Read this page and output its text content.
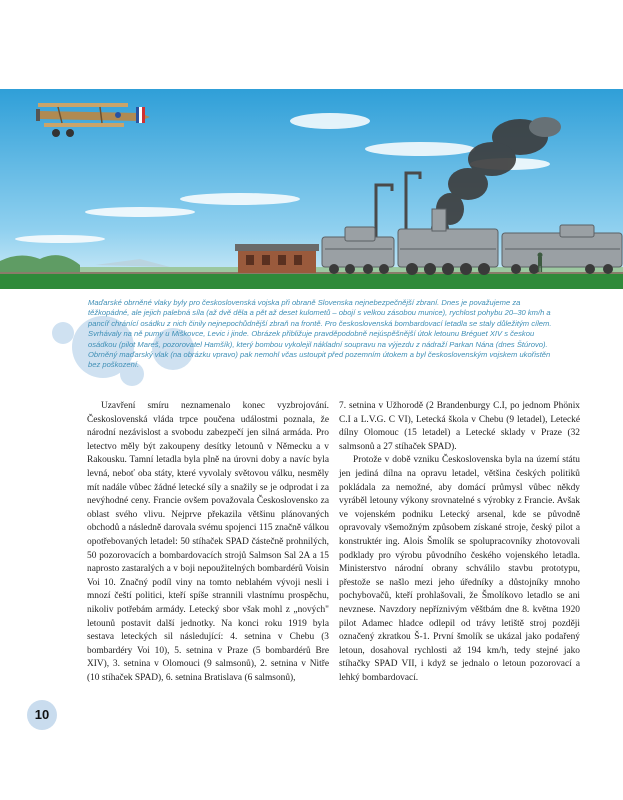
Maďarské obrněné vlaky byly pro československá vojska při obraně Slovenska nejnebezpečnější zbraní. Dnes je považujeme za těžkopádné, ale jejich palebná síla (až dvě děla a pět až deset kulometů – obojí s velkou zásobou munice), rychlost pohybu 20–30 km/h a pancíř chránící osádku z nich činily nejnepochůdnější zbraň na frontě. Pro československá bombardovací letadla se staly důležitým cílem. Svrhávaly na ně pumy u Miškovce, Levic i jinde. Obrázek přibližuje pravděpodobně nejúspěšnější útok letounu Bréguet XIV s českou osádkou (pilot Mareš, pozorovatel Hamšík), který bombou vykolejil nákladní soupravu na výjezdu z nádraží Parkan Nána (dnes Štúrovo). Obrněný maďarský vlak (na obrázku vpravo) pak nemohl včas ustoupit před pozemním útokem a byl československým vojskem ukořistěn bez poškození.

Uzavření smíru neznamenalo konec vyzbrojování. Československá vláda trpce poučena událostmi poznala, že národní nezávislost a svobodu zabezpečí jen silná armáda. Pro letectvo měly být zakoupeny desítky letounů v Německu a v Rakousku. Tamní letadla byla plně na úrovni doby a navíc byla levná, neboť oba státy, které vyvolaly světovou válku, nesměly mít nadále vůbec žádné letecké síly a snažily se je odprodat i za nevýhodné ceny. Francie ovšem považovala Československo za oblast svého vlivu. Nejprve překazila většinu plánovaných obchodů a následně darovala svému spojenci 115 značně válkou opotřebovaných letadel: 50 stíhaček SPAD částečně prohnilých, 50 pozorovacích a bombardovacích strojů Salmson Sal 2A a 15 naprosto zastaralých a v boji nepoužitelných bombardérů Voisin Voi 10. Značný podíl viny na tomto neblahém vývoji nesli i mnozí čeští politici, kteří spíše strannili vlastnímu prospěchu, nikoliv potřebám armády. Letecký sbor však mohl z „nových" letounů postavit další jednotky. Na konci roku 1919 byla sestava leteckých sil následující: 4. setnina v Chebu (3 bombardéry Voi 10), 5. setnina v Praze (5 bombardérů Bre XIV), 3. setnina v Olomouci (9 salmsonů), 2. setnina v Nitře (10 stíhaček SPAD), 6. setnina Bratislava (6 salmsonů),

7. setnina v Užhorodě (2 Brandenburgy C.I, po jednom Phönix C.I a L.V.G. C VI), Letecká škola v Chebu (9 letadel), Letecké dílny Olomouc (15 letadel) a Letecké sklady v Praze (32 salmsonů a 27 stíhaček SPAD).

Protože v době vzniku Československa byla na území státu jen jediná dílna na opravu letadel, většina českých politiků pokládala za nemožné, aby domácí průmysl vůbec někdy vyráběl letouny výkony srovnatelné s výrobky z Francie. Avšak ve vojenském podniku Letecký arsenal, kde se původně opravovaly všemožným způsobem získané stroje, český pilot a konstruktér ing. Alois Šmolík se spolupracovníky zhotovovali podklady pro výrobu původního českého vojenského letadla. Ministerstvo národní obrany schválilo stavbu prototypu, přestože se našlo mezi jeho úředníky a důstojníky mnoho pochybovačů, kteří prohlašovali, že Šmolíkovo letadlo se ani nevznese. Navzdory nepříznivým věštbám dne 8. května 1920 pilot Adamec hladce odlepil od trávy letiště stroj později označený zkratkou Š-1. První šmolík se ukázal jako podařený letoun, dosahoval rychlosti až 194 km/h, tedy stejné jako stíhačky SPAD VII, i když se jednalo o letoun pozorovací a lehký bombardovací.

10
